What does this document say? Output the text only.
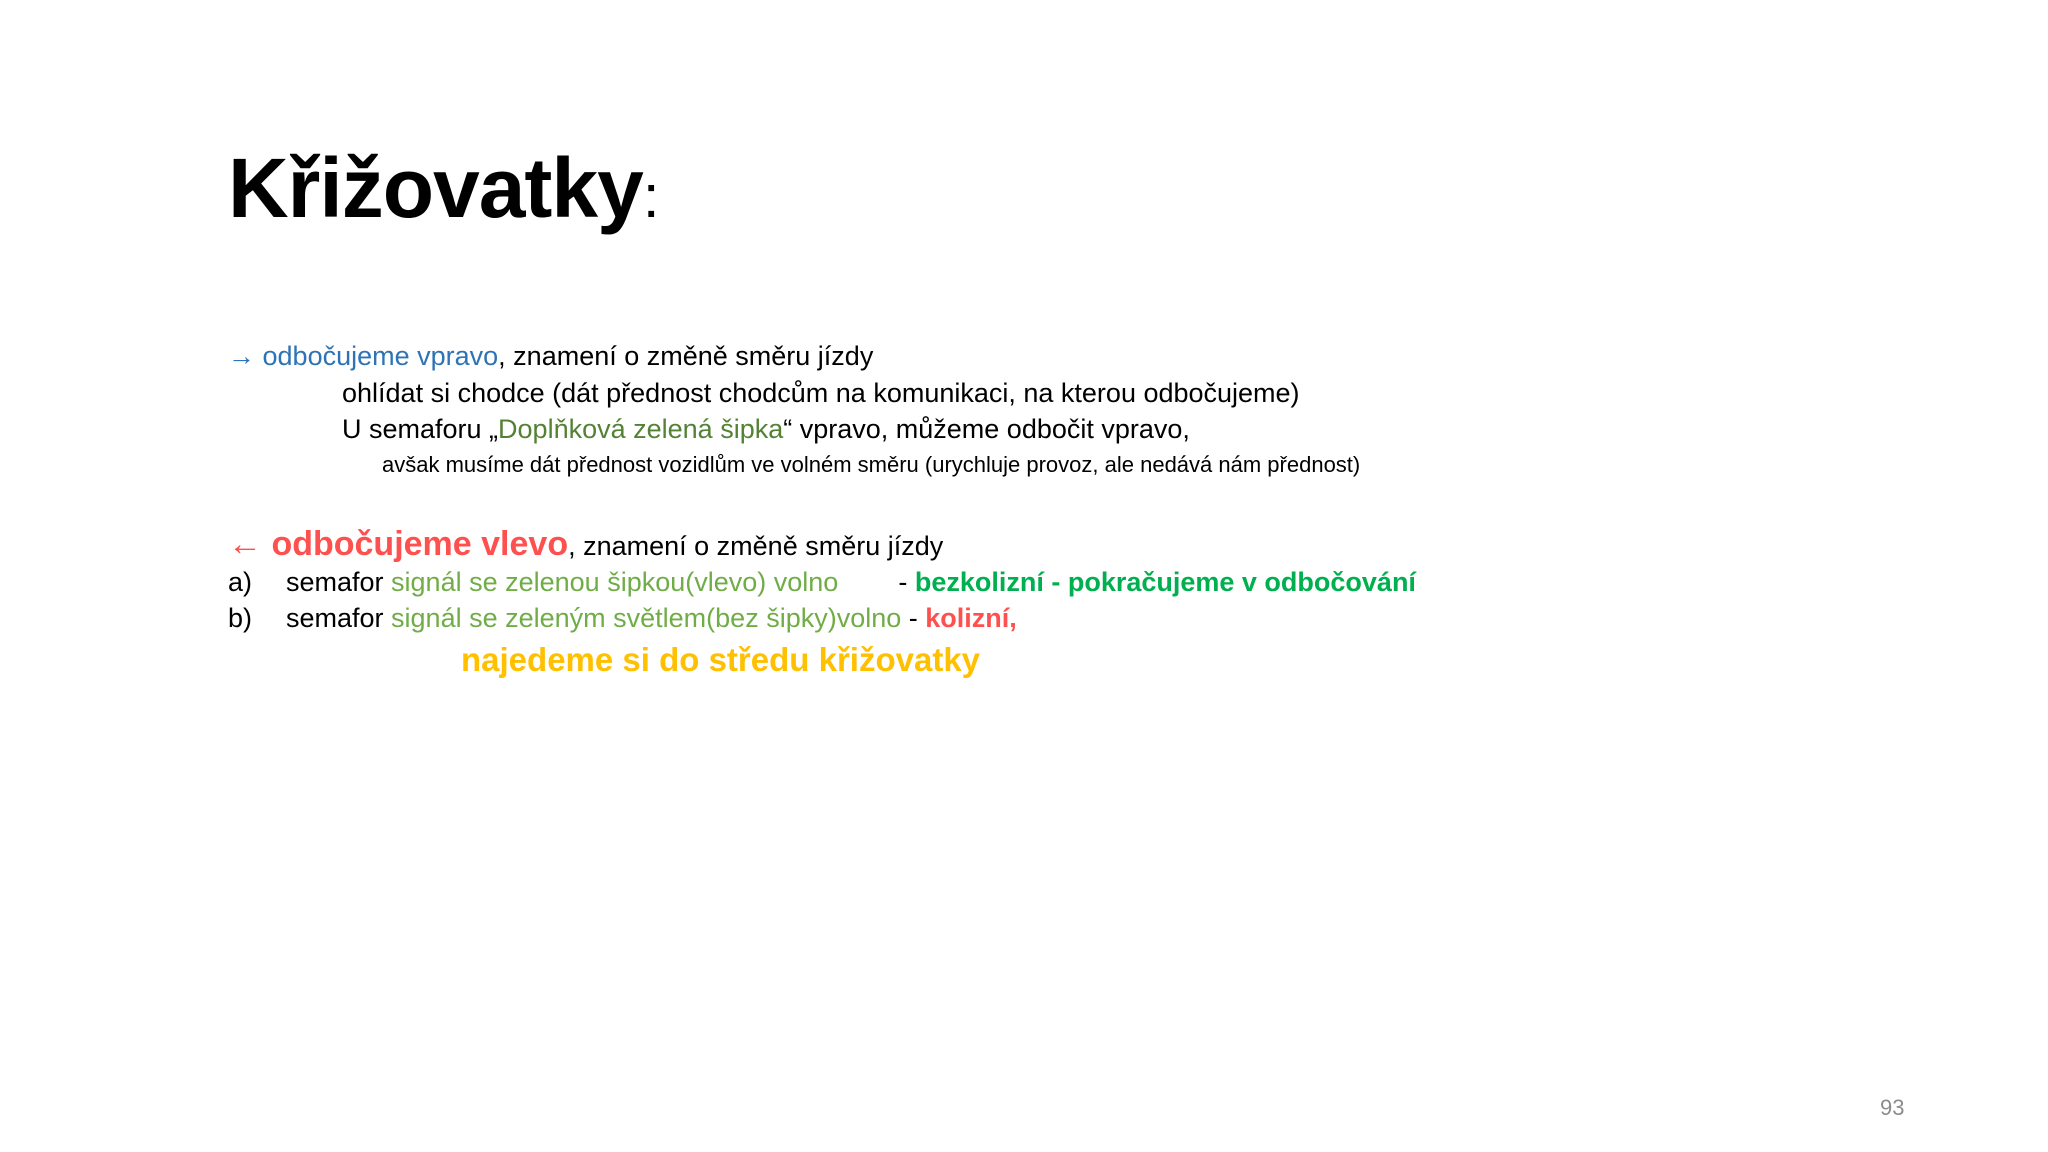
Křižovatky:
→ odbočujeme vpravo, znamení o změně směru jízdy
ohlídat si chodce (dát přednost chodcům na komunikaci, na kterou odbočujeme)
U semaforu „Doplňková zelená šipka“ vpravo, můžeme odbočit vpravo,
avšak musíme dát přednost vozidlům ve volném směru (urychluje provoz, ale nedává nám přednost)
← odbočujeme vlevo, znamení o změně směru jízdy
a) semafor signál se zelenou šipkou(vlevo) volno        - bezkolizní - pokračujeme v odbočování
b) semafor signál se zeleným světlem(bez šipky)volno - kolizní,
najedeme si do středu křižovatky
93
